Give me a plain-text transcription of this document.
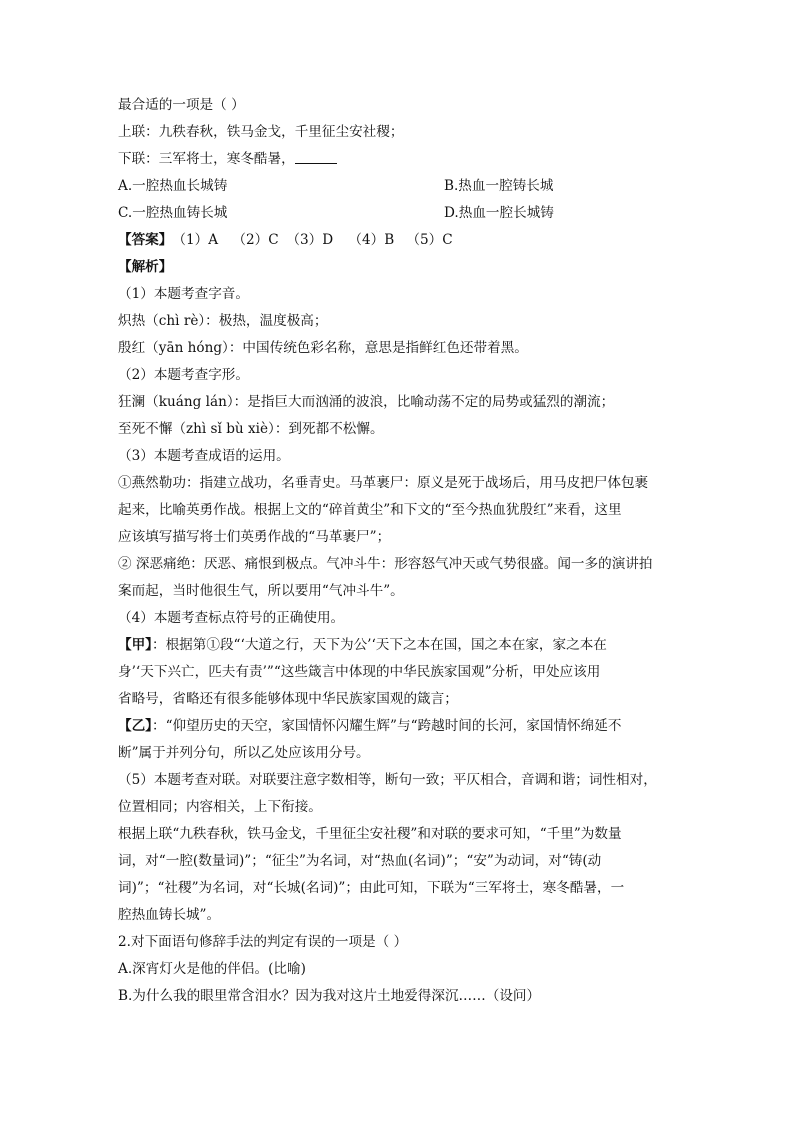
最合适的一项是（ ）
上联：九秩春秋，铁马金戈，千里征尘安社稷；
下联：三军将士，寒冬酷暑，
A.一腔热血长城铸	B.热血一腔铸长城
C.一腔热血铸长城	D.热血一腔长城铸
【答案】（1）A （2）C （3）D （4）B （5）C
【解析】
（1）本题考查字音。
炽热（chì rè）：极热，温度极高；
殷红（yān hóng）：中国传统色彩名称，意思是指鲜红色还带着黑。
（2）本题考查字形。
狂澜（kuáng lán）：是指巨大而汹涌的波浪，比喻动荡不定的局势或猛烈的潮流；
至死不懈（zhì sǐ bù xiè）：到死都不松懈。
（3）本题考查成语的运用。
①燕然勒功：指建立战功，名垂青史。马革裹尸：原义是死于战场后，用马皮把尸体包裹
起来，比喻英勇作战。根据上文的“碎首黄尘”和下文的“至今热血犹殷红”来看，这里
应该填写描写将士们英勇作战的“马革裹尸”；
② 深恶痛绝：厌恶、痛恨到极点。气冲斗牛：形容怒气冲天或气势很盛。闻一多的演讲拍
案而起，当时他很生气，所以要用“气冲斗牛”。
（4）本题考查标点符号的正确使用。
【甲】：根据第①段“‘大道之行，天下为公’‘天下之本在国，国之本在家，家之本在
身’‘天下兴亡，匹夫有责’”“这些箴言中体现的中华民族家国观”分析，甲处应该用
省略号，省略还有很多能够体现中华民族家国观的箴言；
【乙】：“仰望历史的天空，家国情怀闪耀生辉”与“跨越时间的长河，家国情怀绵延不
断”属于并列分句，所以乙处应该用分号。
（5）本题考查对联。对联要注意字数相等，断句一致；平仄相合，音调和谐；词性相对，
位置相同；内容相关，上下衔接。
根据上联“九秩春秋，铁马金戈，千里征尘安社稷”和对联的要求可知，“千里”为数量
词，对“一腔(数量词)”；“征尘”为名词，对“热血(名词)”；“安”为动词，对“铸(动
词)”；“社稷”为名词，对“长城(名词)”；由此可知，下联为“三军将士，寒冬酷暑，一
腔热血铸长城”。
2.对下面语句修辞手法的判定有误的一项是（ ）
A.深宵灯火是他的伴侣。(比喻)
B.为什么我的眼里常含泪水？因为我对这片土地爱得深沉……（设问）
